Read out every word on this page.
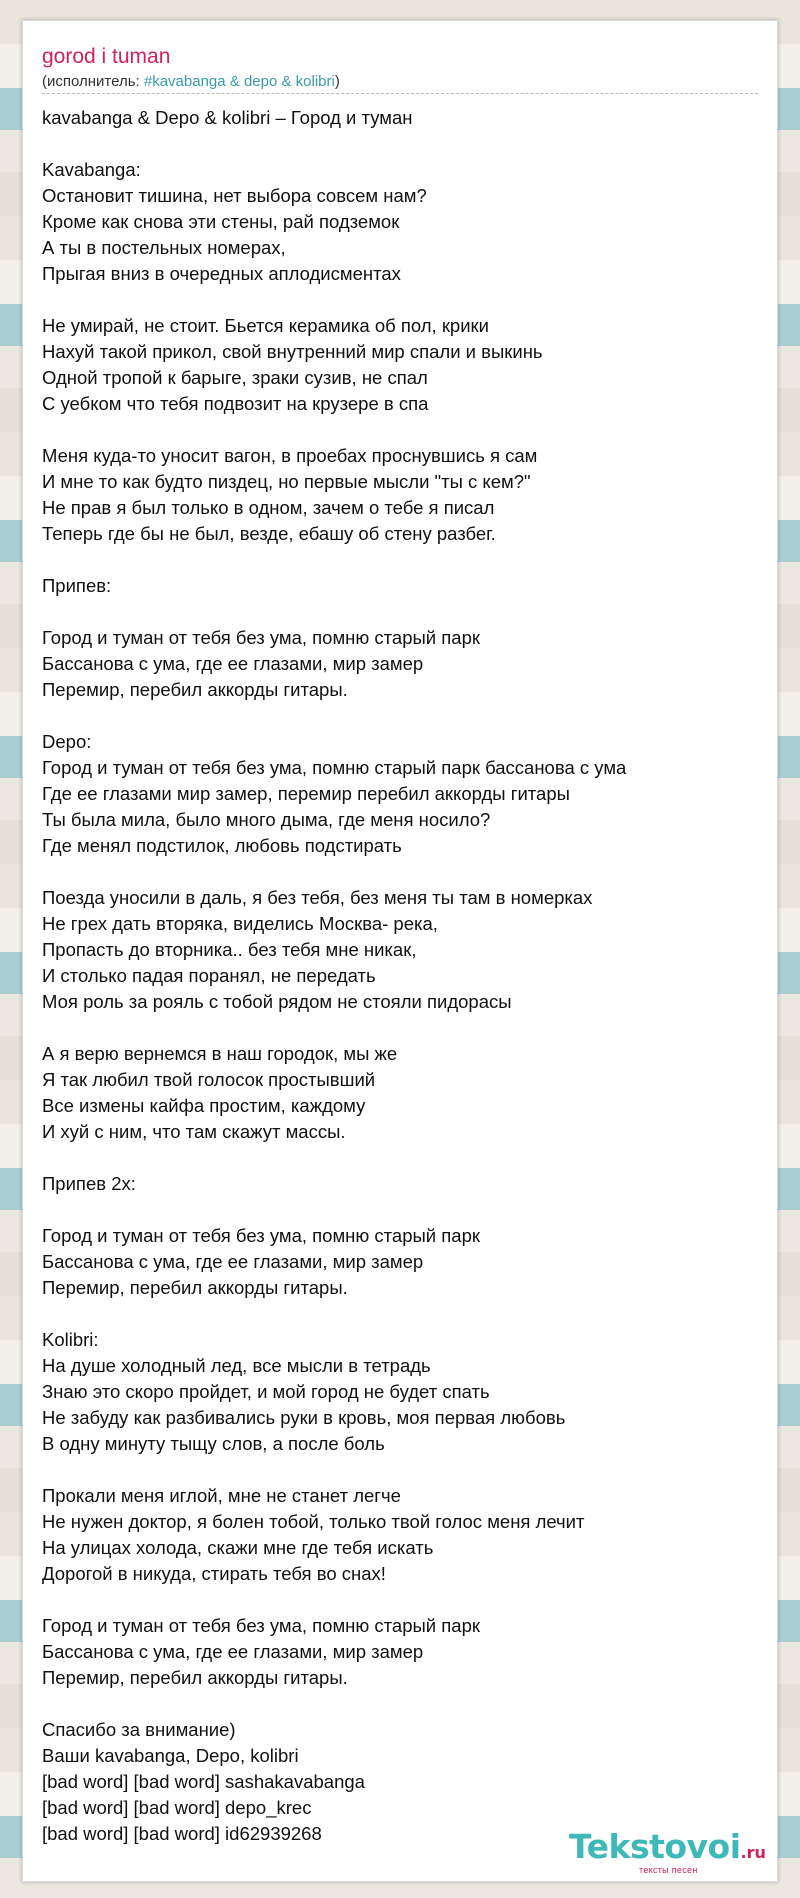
gorod i tuman
(исполнитель: #kavabanga & depo & kolibri)
kavabanga & Depo & kolibri – Город и туман

Kavabanga:
Остановит тишина, нет выбора совсем нам?
Кроме как снова эти стены, рай подземок
А ты в постельных номерах,
Прыгая вниз в очередных аплодисментах

Не умирай, не стоит. Бьется керамика об пол, крики
Нахуй такой прикол, свой внутренний мир спали и выкинь
Одной тропой к барыге, зраки сузив, не спал
С уебком что тебя подвозит на крузере в спа

Меня куда-то уносит вагон, в проебах проснувшись я сам
И мне то как будто пиздец, но первые мысли "ты с кем?"
Не прав я был только в одном, зачем о тебе я писал
Теперь где бы не был, везде, ебашу об стену разбег.

Припев:

Город и туман от тебя без ума, помню старый парк
Бассанова с ума, где ее глазами, мир замер
Перемир, перебил аккорды гитары.

Depo:
Город и туман от тебя без ума, помню старый парк бассанова с ума
Где ее глазами мир замер, перемир перебил аккорды гитары
Ты была мила, было много дыма, где меня носило?
Где менял подстилок, любовь подстирать

Поезда уносили в даль, я без тебя, без меня ты там в номерках
Не грех дать вторяка, виделись Москва- река,
Пропасть до вторника.. без тебя мне никак,
И столько падая поранял, не передать
Моя роль за рояль с тобой рядом не стояли пидорасы

А я верю вернемся в наш городок, мы же
Я так любил твой голосок простывший
Все измены кайфа простим, каждому
И хуй с ним, что там скажут массы.

Припев 2х:

Город и туман от тебя без ума, помню старый парк
Бассанова с ума, где ее глазами, мир замер
Перемир, перебил аккорды гитары.

Kolibri:
На душе холодный лед, все мысли в тетрадь
Знаю это скоро пройдет, и мой город не будет спать
Не забуду как разбивались руки в кровь, моя первая любовь
В одну минуту тыщу слов, а после боль

Прокали меня иглой, мне не станет легче
Не нужен доктор, я болен тобой, только твой голос меня лечит
На улицах холода, скажи мне где тебя искать
Дорогой в никуда, стирать тебя во снах!

Город и туман от тебя без ума, помню старый парк
Бассанова с ума, где ее глазами, мир замер
Перемир, перебил аккорды гитары.

Спасибо за внимание)
Ваши kavabanga, Depo, kolibri
[bad word] [bad word] sashakavabanga
[bad word] [bad word] depo_krec
[bad word] [bad word] id62939268	Tekstovoi.ru
тексты песен
